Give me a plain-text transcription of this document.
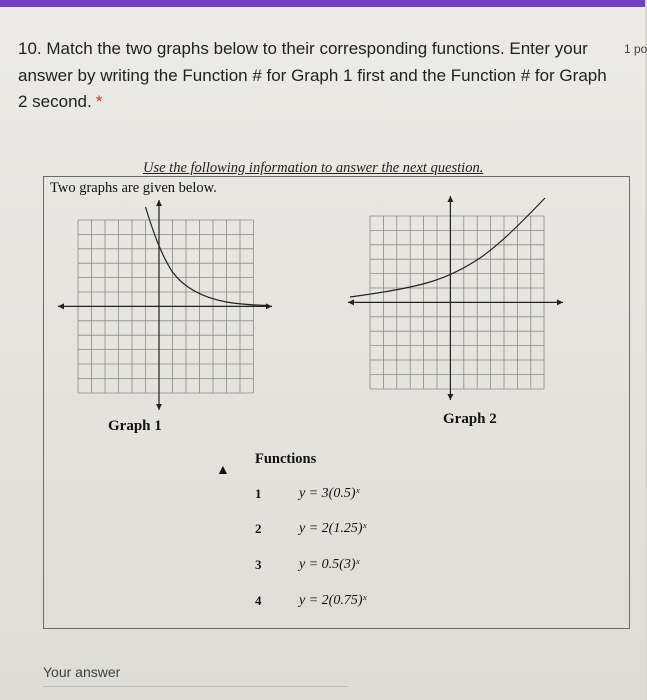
10. Match the two graphs below to their corresponding functions. Enter your answer by writing the Function # for Graph 1 first and the Function # for Graph 2 second. *
1 po
Use the following information to answer the next question.
Two graphs are given below.
Graph 1	Graph 2
▲
Functions
1	y = 3(0.5)ˣ
2	y = 2(1.25)ˣ
3	y = 0.5(3)ˣ
4	y = 2(0.75)ˣ
Your answer
